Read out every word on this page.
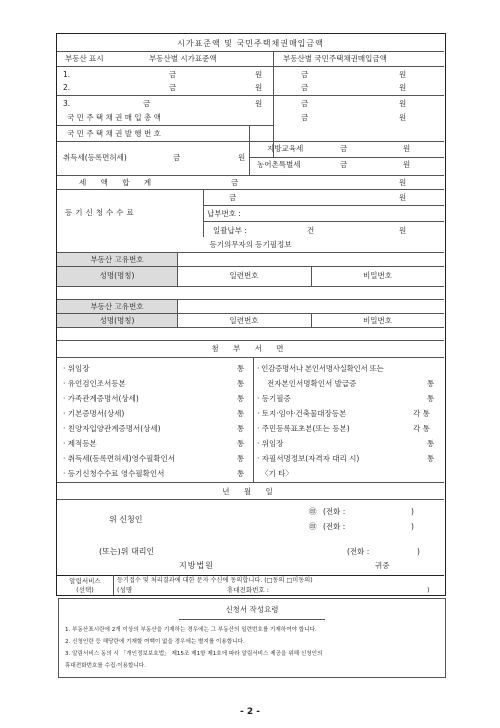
시가표준액 및 국민주택채권매입금액
부동산 표시	부동산별 시가표준액	부동산별 국민주택채권매입금액
1.	금	원	금	원
2.	금	원	금	원
3.	금	원	금	원
국 민 주 택 채 권 매 입 총 액	금	원
국 민 주 택 채 권 발 행 번 호
취득세(등록면허세)	금	원
지방교육세	금	원
농어촌특별세	금	원
세 액 합 계	금	원
등기신청수수료
금	원
납부번호 :
일괄납부 :	건	원
등기의무자의 등기필정보
부동산 고유번호
성명(명칭)	일련번호	비밀번호
부동산 고유번호
성명(명칭)	일련번호	비밀번호
첨 부 서 면
· 위임장	통
· 유언검인조서등본	통
· 가족관계증명서(상세)	통
· 기본증명서(상세)	통
· 친양자입양관계증명서(상세)	통
· 제적등본	통
· 취득세(등록면허세)영수필확인서	통
· 등기신청수수료 영수필확인서	통
· 인감증명서나 본인서명사실확인서 또는
전자본인서명확인서 발급증	통
· 등기필증	통
· 토지·임야·건축물대장등본	각 통
· 주민등록표초본(또는 등본)	각 통
· 위임장	통
· 자필서명정보(자격자 대리 시)	통
〈기 타〉
년 월 일
위 신청인
㊞ (전화 :	)
㊞ (전화 :	)
(또는)위 대리인	(전화 :	)
지방법원	귀중
알림서비스
(선택)
등기접수 및 처리결과에 대한 문자 수신에 동의합니다. (□동의 □미동의)
(성명	휴대전화번호 :	)
신청서 작성요령
1. 부동산표시란에 2개 이상의 부동산을 기재하는 경우에는 그 부동산의 일련번호를 기재하여야 합니다.
2. 신청인란 등 해당란에 기재할 여백이 없을 경우에는 별지를 이용합니다.
3. 알림서비스 동의 시 「개인정보보호법」 제15조 제1항 제1호에 따라 알림서비스 제공을 위해 신청인의
휴대전화번호를 수집·이용합니다.
- 2 -
